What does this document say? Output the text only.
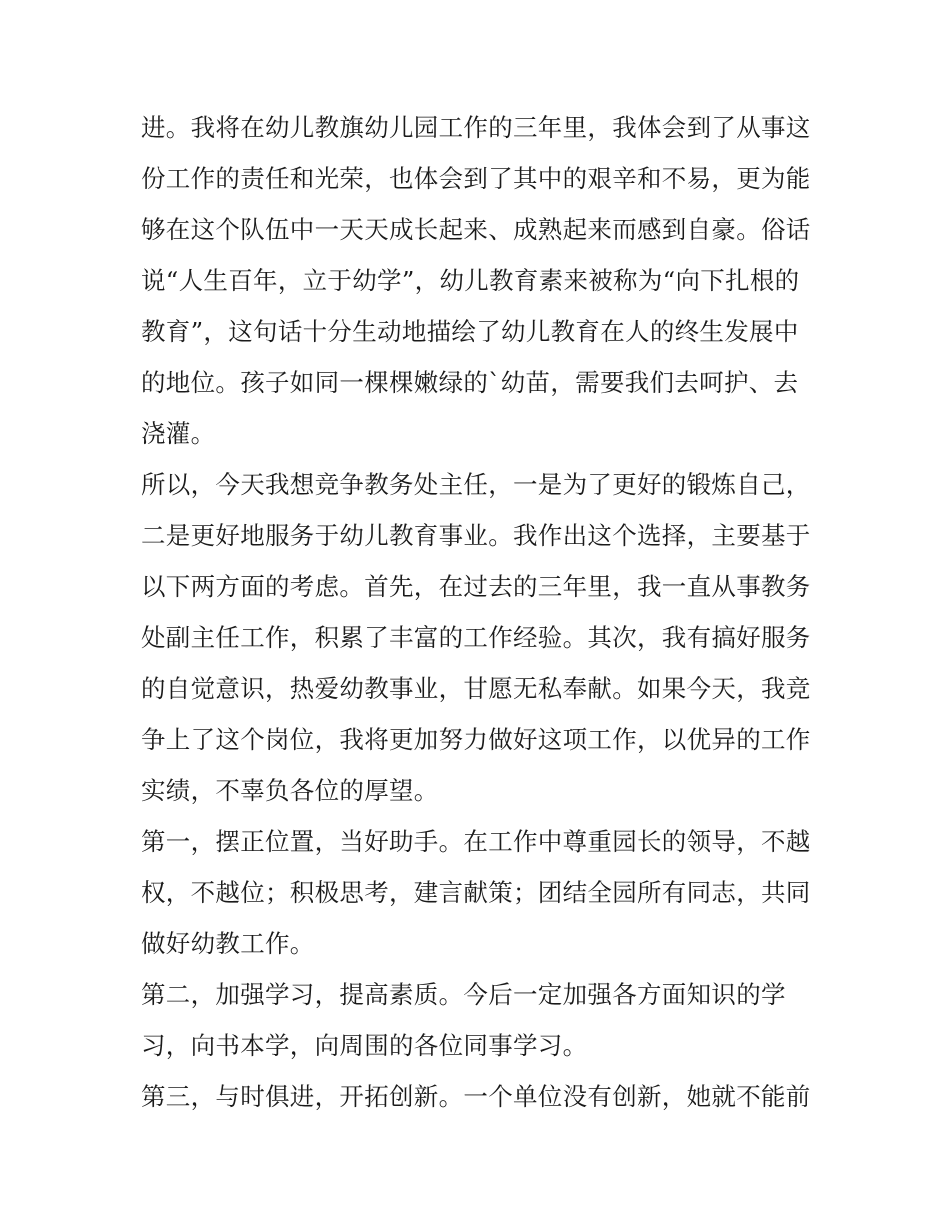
进。我将在幼儿教旗幼儿园工作的三年里，我体会到了从事这
份工作的责任和光荣，也体会到了其中的艰辛和不易，更为能
够在这个队伍中一天天成长起来、成熟起来而感到自豪。俗话
说“人生百年，立于幼学”，幼儿教育素来被称为“向下扎根的
教育”，这句话十分生动地描绘了幼儿教育在人的终生发展中
的地位。孩子如同一棵棵嫩绿的`幼苗，需要我们去呵护、去
浇灌。
所以，今天我想竞争教务处主任，一是为了更好的锻炼自己，
二是更好地服务于幼儿教育事业。我作出这个选择，主要基于
以下两方面的考虑。首先，在过去的三年里，我一直从事教务
处副主任工作，积累了丰富的工作经验。其次，我有搞好服务
的自觉意识，热爱幼教事业，甘愿无私奉献。如果今天，我竞
争上了这个岗位，我将更加努力做好这项工作，以优异的工作
实绩，不辜负各位的厚望。
第一，摆正位置，当好助手。在工作中尊重园长的领导，不越
权，不越位；积极思考，建言献策；团结全园所有同志，共同
做好幼教工作。
第二，加强学习，提高素质。今后一定加强各方面知识的学
习，向书本学，向周围的各位同事学习。
第三，与时俱进，开拓创新。一个单位没有创新，她就不能前
